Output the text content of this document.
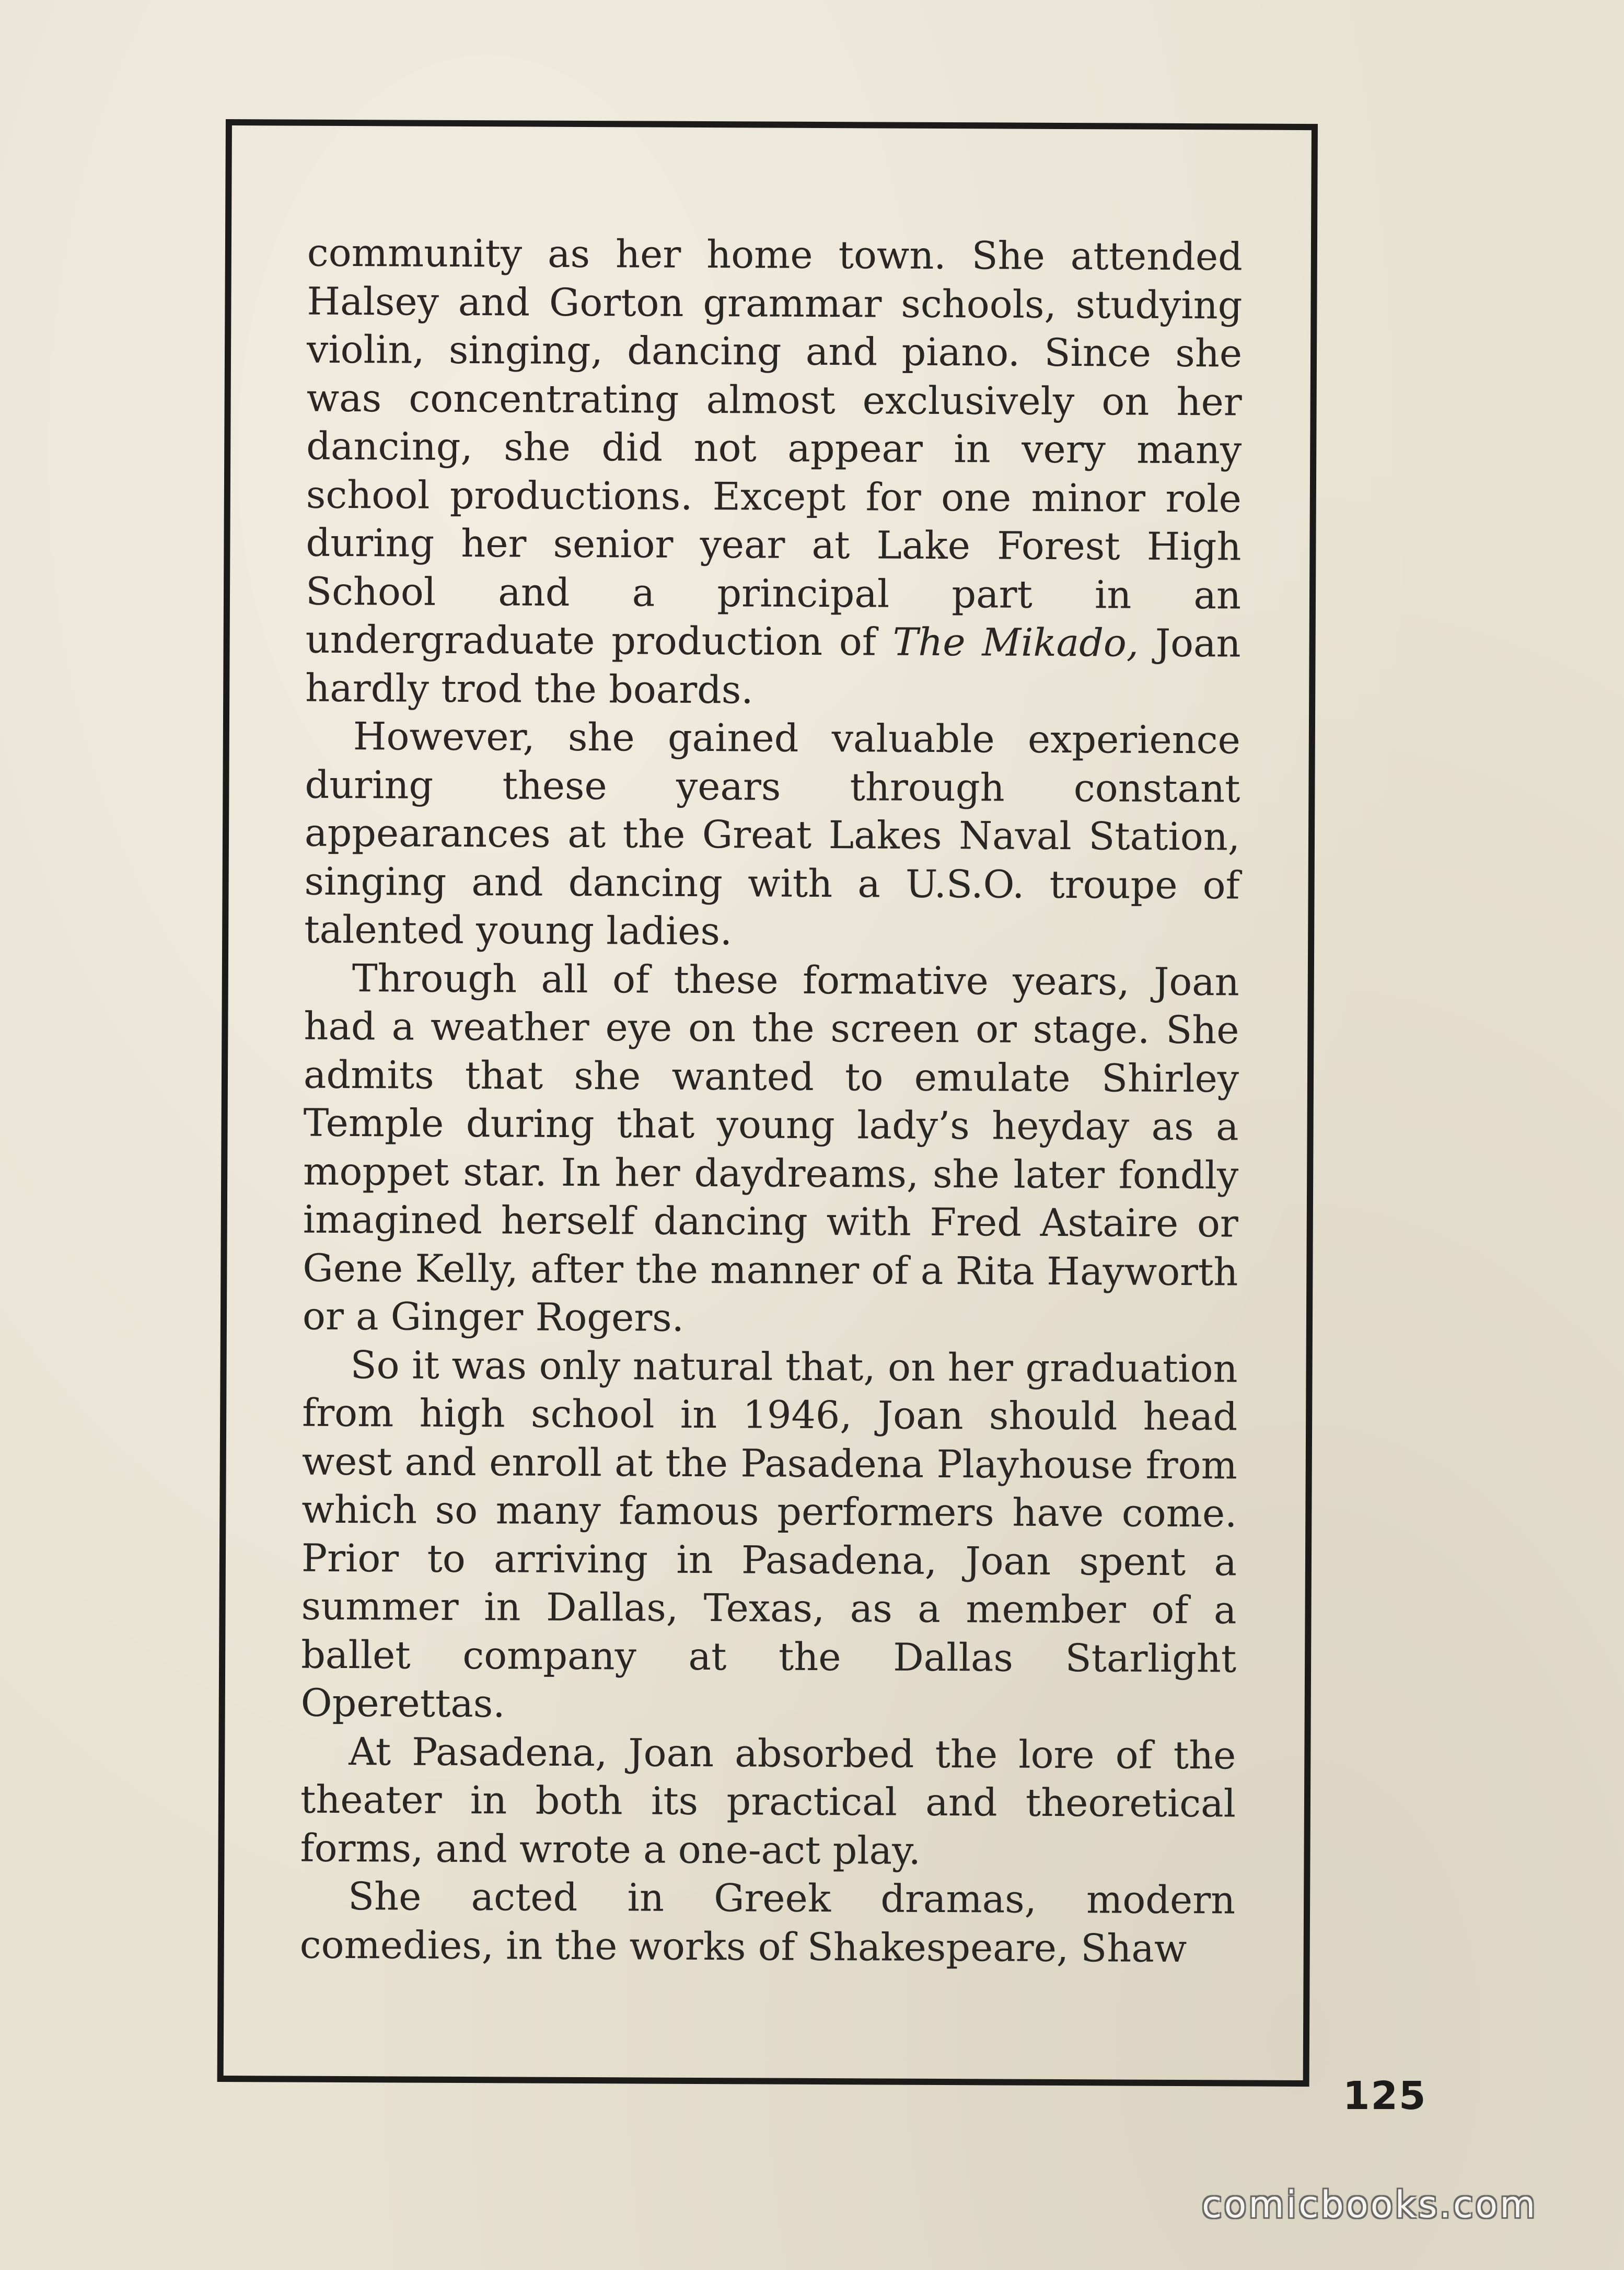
community as her home town. She attended Halsey and Gorton grammar schools, studying violin, singing, dancing and piano. Since she was concentrating almost exclusively on her dancing, she did not appear in very many school productions. Except for one minor role during her senior year at Lake Forest High School and a principal part in an undergraduate production of The Mikado, Joan hardly trod the boards.

However, she gained valuable experience during these years through constant appearances at the Great Lakes Naval Station, singing and dancing with a U.S.O. troupe of talented young ladies.

Through all of these formative years, Joan had a weather eye on the screen or stage. She admits that she wanted to emulate Shirley Temple during that young lady’s heyday as a moppet star. In her daydreams, she later fondly imagined herself dancing with Fred Astaire or Gene Kelly, after the manner of a Rita Hayworth or a Ginger Rogers.

So it was only natural that, on her graduation from high school in 1946, Joan should head west and enroll at the Pasadena Playhouse from which so many famous performers have come. Prior to arriving in Pasadena, Joan spent a summer in Dallas, Texas, as a member of a ballet company at the Dallas Starlight Operettas.

At Pasadena, Joan absorbed the lore of the theater in both its practical and theoretical forms, and wrote a one-act play.

She acted in Greek dramas, modern comedies, in the works of Shakespeare, Shaw

125
comicbooks.com
